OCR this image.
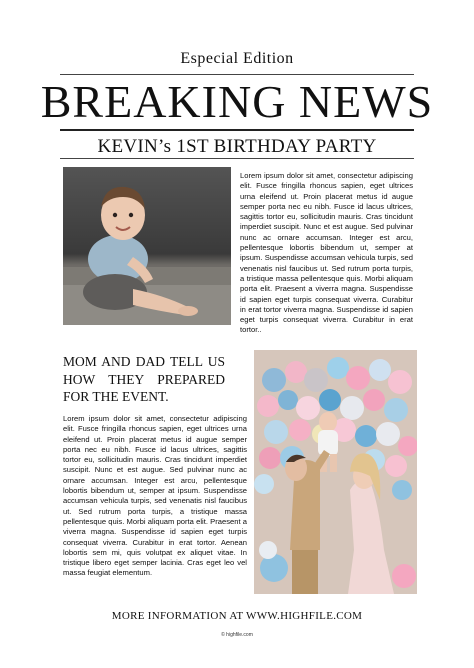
Especial Edition
BREAKING NEWS
KEVIN’s 1ST BIRTHDAY PARTY
Lorem ipsum dolor sit amet, consectetur adipiscing elit. Fusce fringilla rhoncus sapien, eget ultrices urna eleifend ut. Proin placerat metus id augue semper porta nec eu nibh. Fusce id lacus ultrices, sagittis tortor eu, sollicitudin mauris. Cras tincidunt imperdiet suscipit. Nunc et est augue. Sed pulvinar nunc ac ornare accumsan. Integer est arcu, pellentesque lobortis bibendum ut, semper at ipsum. Suspendisse accumsan vehicula turpis, sed venenatis nisl faucibus ut. Sed rutrum porta turpis, a tristique massa pellentesque quis. Morbi aliquam porta elit. Praesent a viverra magna. Suspendisse id sapien eget turpis consequat viverra. Curabitur in erat tortor viverra magna. Suspendisse id sapien eget turpis consequat viverra. Curabitur in erat tortor..
MOM AND DAD TELL US HOW THEY PREPARED FOR THE EVENT.
Lorem ipsum dolor sit amet, consectetur adipiscing elit. Fusce fringilla rhoncus sapien, eget ultrices urna eleifend ut. Proin placerat metus id augue semper porta nec eu nibh. Fusce id lacus ultrices, sagittis tortor eu, sollicitudin mauris. Cras tincidunt imperdiet suscipit. Nunc et est augue. Sed pulvinar nunc ac ornare accumsan. Integer est arcu, pellentesque lobortis bibendum ut, semper at ipsum. Suspendisse accumsan vehicula turpis, sed venenatis nisl faucibus ut. Sed rutrum porta turpis, a tristique massa pellentesque quis. Morbi aliquam porta elit. Praesent a viverra magna. Suspendisse id sapien eget turpis consequat viverra. Curabitur in erat tortor. Aenean lobortis sem mi, quis volutpat ex aliquet vitae. In tristique libero eget semper lacinia. Cras eget leo vel massa feugiat elementum.
MORE INFORMATION AT WWW.HIGHFILE.COM
© highfile.com
